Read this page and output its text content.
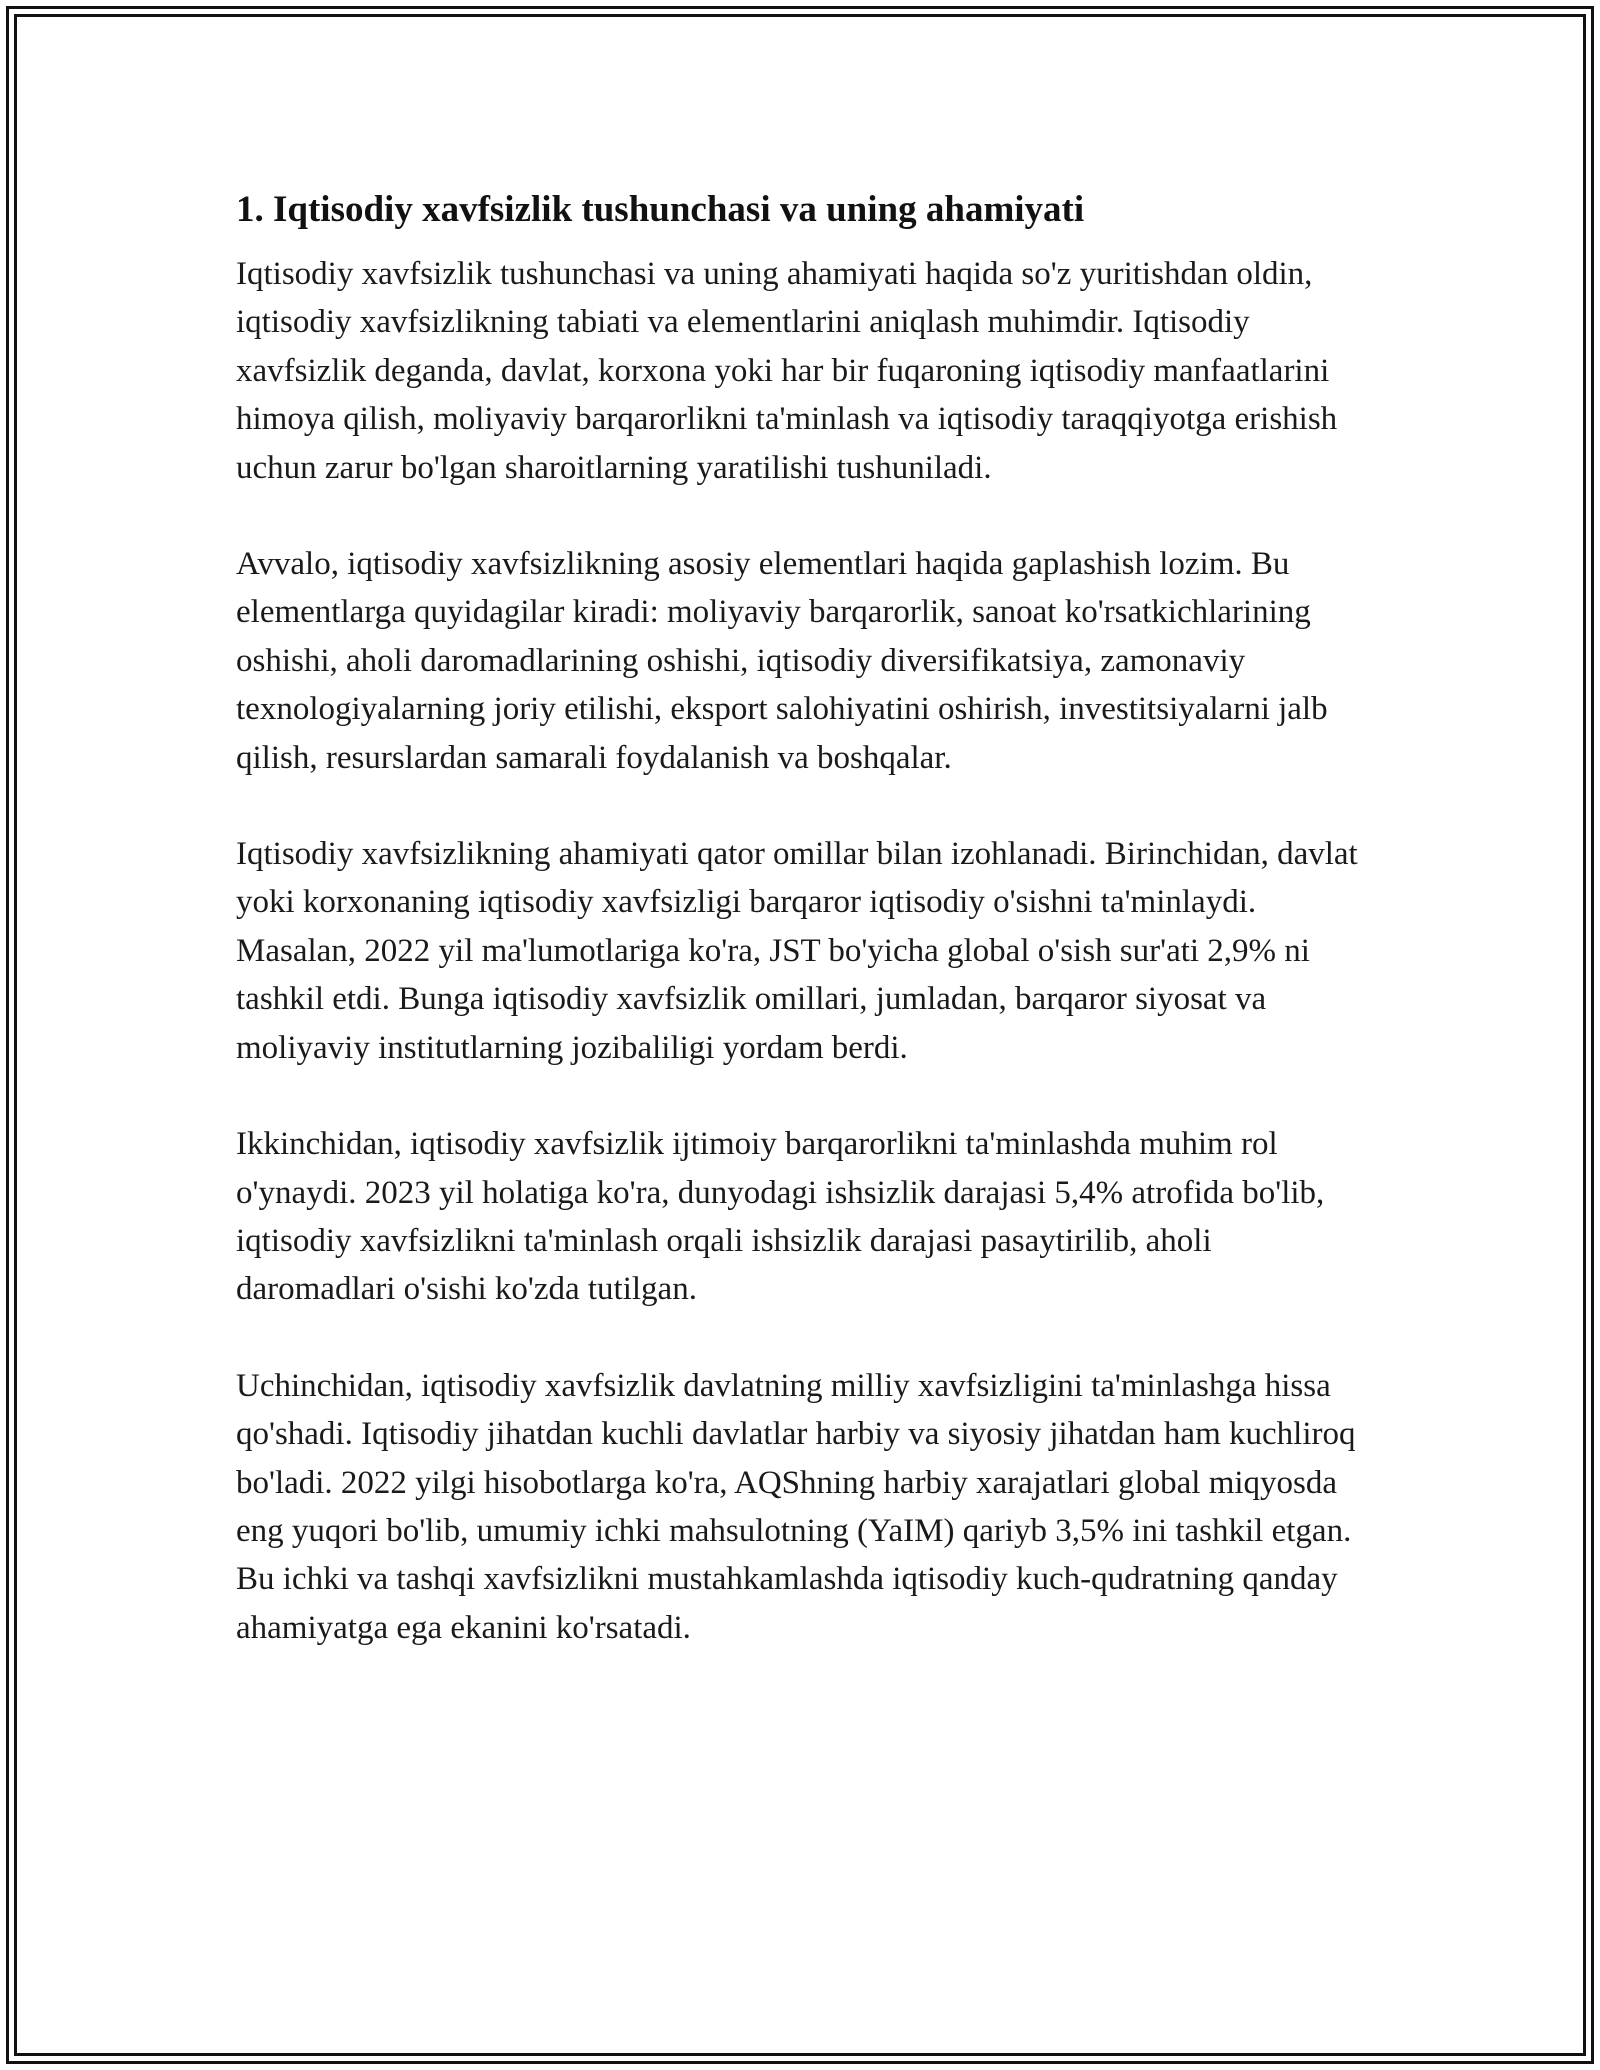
1. Iqtisodiy xavfsizlik tushunchasi va uning ahamiyati

Iqtisodiy xavfsizlik tushunchasi va uning ahamiyati haqida so'z yuritishdan oldin, iqtisodiy xavfsizlikning tabiati va elementlarini aniqlash muhimdir. Iqtisodiy xavfsizlik deganda, davlat, korxona yoki har bir fuqaroning iqtisodiy manfaatlarini himoya qilish, moliyaviy barqarorlikni ta'minlash va iqtisodiy taraqqiyotga erishish uchun zarur bo'lgan sharoitlarning yaratilishi tushuniladi.

Avvalo, iqtisodiy xavfsizlikning asosiy elementlari haqida gaplashish lozim. Bu elementlarga quyidagilar kiradi: moliyaviy barqarorlik, sanoat ko'rsatkichlarining oshishi, aholi daromadlarining oshishi, iqtisodiy diversifikatsiya, zamonaviy texnologiyalarning joriy etilishi, eksport salohiyatini oshirish, investitsiyalarni jalb qilish, resurslardan samarali foydalanish va boshqalar.

Iqtisodiy xavfsizlikning ahamiyati qator omillar bilan izohlanadi. Birinchidan, davlat yoki korxonaning iqtisodiy xavfsizligi barqaror iqtisodiy o'sishni ta'minlaydi. Masalan, 2022 yil ma'lumotlariga ko'ra, JST bo'yicha global o'sish sur'ati 2,9% ni tashkil etdi. Bunga iqtisodiy xavfsizlik omillari, jumladan, barqaror siyosat va moliyaviy institutlarning jozibaliligi yordam berdi.

Ikkinchidan, iqtisodiy xavfsizlik ijtimoiy barqarorlikni ta'minlashda muhim rol o'ynaydi. 2023 yil holatiga ko'ra, dunyodagi ishsizlik darajasi 5,4% atrofida bo'lib, iqtisodiy xavfsizlikni ta'minlash orqali ishsizlik darajasi pasaytirilib, aholi daromadlari o'sishi ko'zda tutilgan.

Uchinchidan, iqtisodiy xavfsizlik davlatning milliy xavfsizligini ta'minlashga hissa qo'shadi. Iqtisodiy jihatdan kuchli davlatlar harbiy va siyosiy jihatdan ham kuchliroq bo'ladi. 2022 yilgi hisobotlarga ko'ra, AQShning harbiy xarajatlari global miqyosda eng yuqori bo'lib, umumiy ichki mahsulotning (YaIM) qariyb 3,5% ini tashkil etgan. Bu ichki va tashqi xavfsizlikni mustahkamlashda iqtisodiy kuch-qudratning qanday ahamiyatga ega ekanini ko'rsatadi.
